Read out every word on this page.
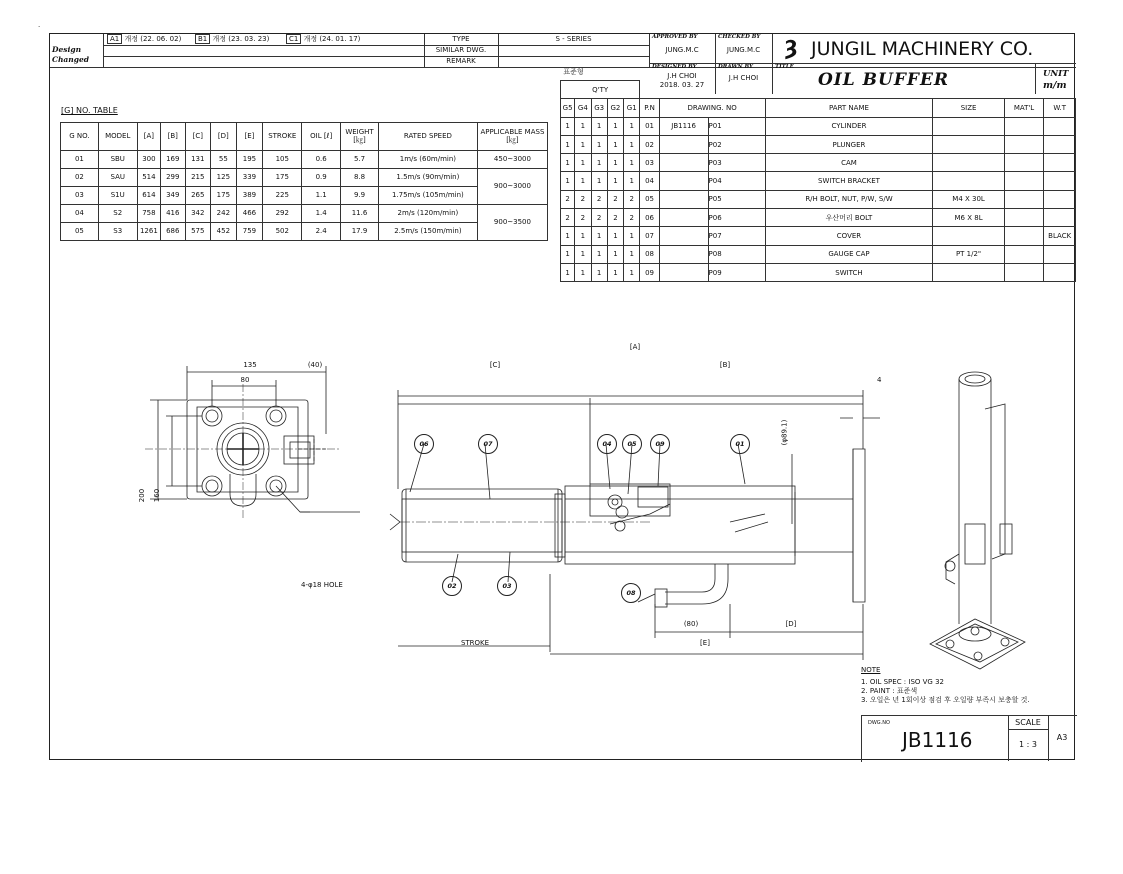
.
Design Changed
A1 개정 (22. 06. 02)	B1 개정 (23. 03. 23)	C1 개정 (24. 01. 17)	TYPE
SIMILAR DWG.
REMARK
S - SERIES
표준형
APPROVED BY
JUNG.M.C
CHECKED BY
JUNG.M.C
DESIGNED BY
J.H CHOI
2018. 03. 27
DRAWN BY
J.H CHOI
TITLE
Ȝ JUNGIL MACHINERY CO.
OIL BUFFER	UNIT
m/m
[G] NO. TABLE
G NO.	MODEL	[A]	[B]	[C]	[D]	[E]	STROKE	OIL [ℓ]	WEIGHT [㎏]	RATED SPEED	APPLICABLE MASS [㎏]
01	SBU	300	169	131	55	195	105	0.6	5.7	1m/s (60m/min)	450~3000
02	SAU	514	299	215	125	339	175	0.9	8.8	1.5m/s (90m/min)	900~3000
03	S1U	614	349	265	175	389	225	1.1	9.9	1.75m/s (105m/min)	
04	S2	758	416	342	242	466	292	1.4	11.6	2m/s (120m/min)	900~3500
05	S3	1261	686	575	452	759	502	2.4	17.9	2.5m/s (150m/min)	
Q'TY											
G5	G4	G3	G2	G1	P.N	DRAWING. NO		PART NAME	SIZE	MAT'L	W.T
1	1	1	1	1	01	JB1116	P01	CYLINDER			
1	1	1	1	1	02		P02	PLUNGER			
1	1	1	1	1	03		P03	CAM			
1	1	1	1	1	04		P04	SWITCH BRACKET			
2	2	2	2	2	05		P05	R/H BOLT, NUT, P/W, S/W	M4 X 30L		
2	2	2	2	2	06		P06	우산머리 BOLT	M6 X 8L		
1	1	1	1	1	07		P07	COVER			BLACK
1	1	1	1	1	08		P08	GAUGE CAP	PT 1/2"		
1	1	1	1	1	09		P09	SWITCH			
135	(40)
80
200 160
4-φ18 HOLE
[A]
[C]	[B]
4
(φ89.1)
(80)	[D]
[E]
STROKE
06	07	04	05	09	01
02	03
08
NOTE
1. OIL SPEC : ISO VG 32
2. PAINT : 표준색
3. 오일은 년 1회이상 점검 후 오일량 부족시 보충할 것.
DWG.NO
JB1116
SCALE
1 : 3
A3
